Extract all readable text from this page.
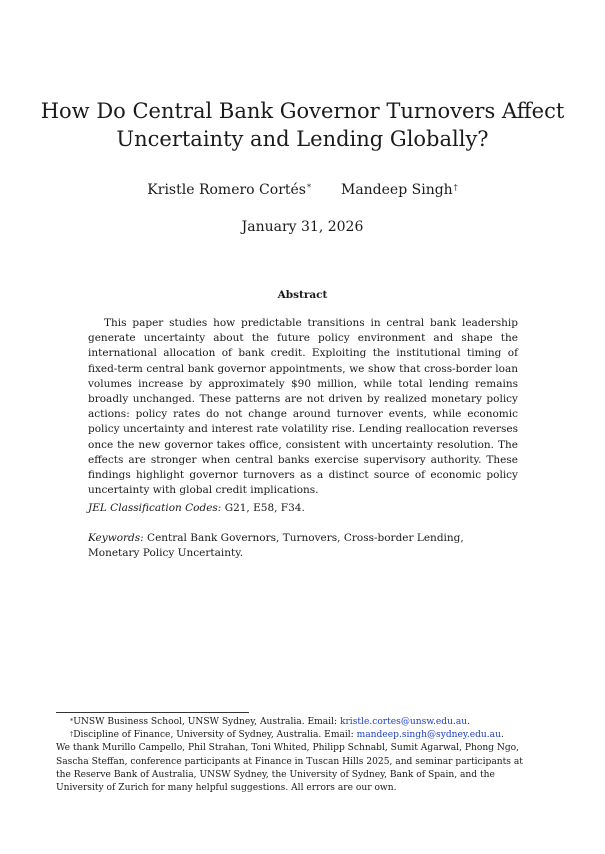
How Do Central Bank Governor Turnovers Affect Uncertainty and Lending Globally?
Kristle Romero Cortés* Mandeep Singh†
January 31, 2026
Abstract

This paper studies how predictable transitions in central bank leadership generate uncertainty about the future policy environment and shape the international allocation of bank credit. Exploiting the institutional timing of fixed-term central bank governor appointments, we show that cross-border loan volumes increase by approximately $90 million, while total lending remains broadly unchanged. These patterns are not driven by realized monetary policy actions: policy rates do not change around turnover events, while economic policy uncertainty and interest rate volatility rise. Lending reallocation reverses once the new governor takes office, consistent with uncertainty resolution. The effects are stronger when central banks exercise supervisory authority. These findings highlight governor turnovers as a distinct source of economic policy uncertainty with global credit implications.

JEL Classification Codes: G21, E58, F34.

Keywords: Central Bank Governors, Turnovers, Cross-border Lending, Monetary Policy Uncertainty.

*UNSW Business School, UNSW Sydney, Australia. Email: kristle.cortes@unsw.edu.au.

†Discipline of Finance, University of Sydney, Australia. Email: mandeep.singh@sydney.edu.au.

We thank Murillo Campello, Phil Strahan, Toni Whited, Philipp Schnabl, Sumit Agarwal, Phong Ngo, Sascha Steffan, conference participants at Finance in Tuscan Hills 2025, and seminar participants at the Reserve Bank of Australia, UNSW Sydney, the University of Sydney, Bank of Spain, and the University of Zurich for many helpful suggestions. All errors are our own.
